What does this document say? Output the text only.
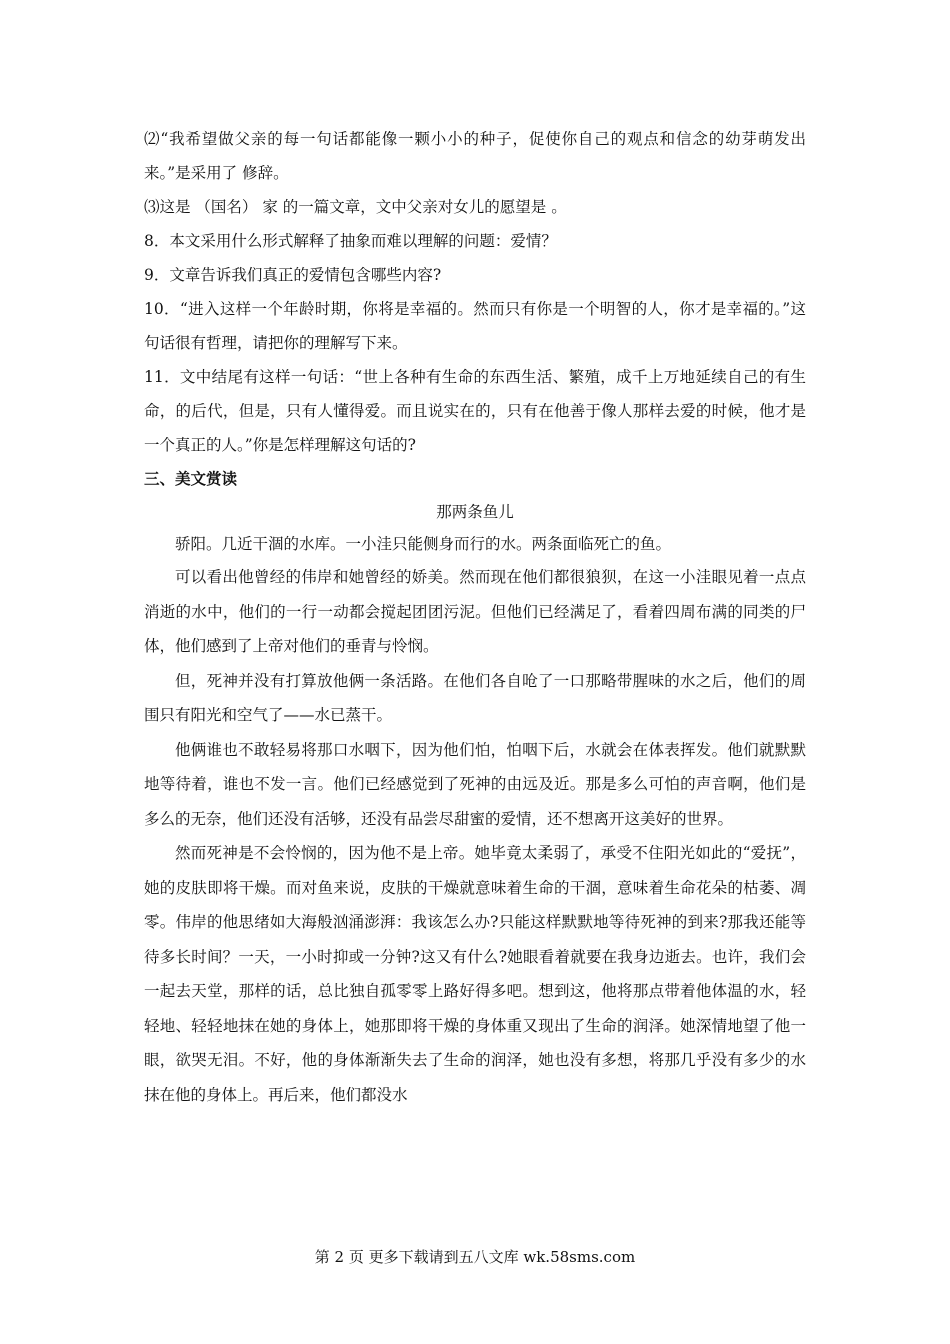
⑵“我希望做父亲的每一句话都能像一颗小小的种子，促使你自己的观点和信念的幼芽萌发出来。”是采用了 修辞。
⑶这是 （国名） 家 的一篇文章，文中父亲对女儿的愿望是 。
8．本文采用什么形式解释了抽象而难以理解的问题：爱情？
9．文章告诉我们真正的爱情包含哪些内容?
10．“进入这样一个年龄时期，你将是幸福的。然而只有你是一个明智的人，你才是幸福的。”这句话很有哲理，请把你的理解写下来。
11．文中结尾有这样一句话：“世上各种有生命的东西生活、繁殖，成千上万地延续自己的有生命，的后代，但是，只有人懂得爱。而且说实在的，只有在他善于像人那样去爱的时候，他才是一个真正的人。”你是怎样理解这句话的?
三、美文赏读
那两条鱼儿
骄阳。几近干涸的水库。一小洼只能侧身而行的水。两条面临死亡的鱼。
可以看出他曾经的伟岸和她曾经的娇美。然而现在他们都很狼狈，在这一小洼眼见着一点点消逝的水中，他们的一行一动都会搅起团团污泥。但他们已经满足了，看着四周布满的同类的尸体，他们感到了上帝对他们的垂青与怜悯。
但，死神并没有打算放他俩一条活路。在他们各自呛了一口那略带腥味的水之后，他们的周围只有阳光和空气了——水已蒸干。
他俩谁也不敢轻易将那口水咽下，因为他们怕，怕咽下后，水就会在体表挥发。他们就默默地等待着，谁也不发一言。他们已经感觉到了死神的由远及近。那是多么可怕的声音啊，他们是多么的无奈，他们还没有活够，还没有品尝尽甜蜜的爱情，还不想离开这美好的世界。
然而死神是不会怜悯的，因为他不是上帝。她毕竟太柔弱了，承受不住阳光如此的“爱抚”，她的皮肤即将干燥。而对鱼来说，皮肤的干燥就意味着生命的干涸，意味着生命花朵的枯萎、凋零。伟岸的他思绪如大海般汹涌澎湃：我该怎么办?只能这样默默地等待死神的到来?那我还能等待多长时间？一天，一小时抑或一分钟?这又有什么?她眼看着就要在我身边逝去。也许，我们会一起去天堂，那样的话，总比独自孤零零上路好得多吧。想到这，他将那点带着他体温的水，轻轻地、轻轻地抹在她的身体上，她那即将干燥的身体重又现出了生命的润泽。她深情地望了他一眼，欲哭无泪。不好，他的身体渐渐失去了生命的润泽，她也没有多想，将那几乎没有多少的水抹在他的身体上。再后来，他们都没水
第 2 页 更多下载请到五八文库 wk.58sms.com
